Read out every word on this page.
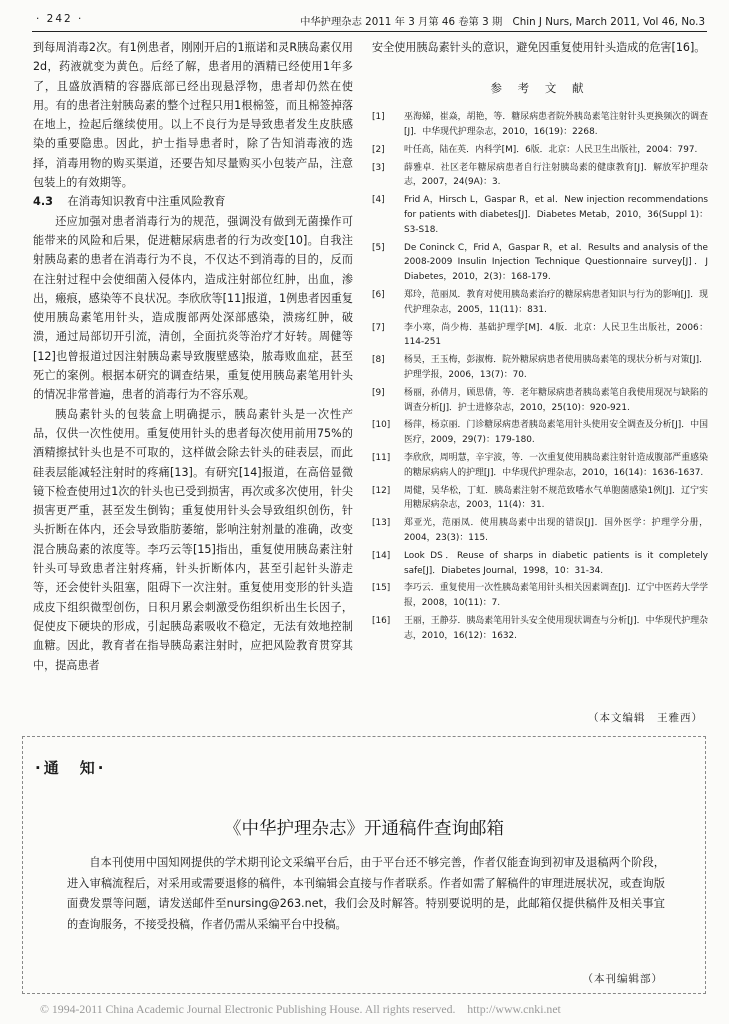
· 242 ·	中华护理杂志 2011 年 3 月第 46 卷第 3 期　Chin J Nurs, March 2011, Vol 46, No.3

到每周消毒2次。有1例患者，刚刚开启的1瓶诺和灵R胰岛素仅用2d，药液就变为黄色。后经了解，患者用的酒精已经使用1年多了，且盛放酒精的容器底部已经出现悬浮物，患者却仍然在使用。有的患者注射胰岛素的整个过程只用1根棉签，而且棉签掉落在地上，捡起后继续使用。以上不良行为是导致患者发生皮肤感染的重要隐患。因此，护士指导患者时，除了告知消毒液的选择，消毒用物的购买渠道，还要告知尽量购买小包装产品，注意包装上的有效期等。

4.3 在消毒知识教育中注重风险教育

还应加强对患者消毒行为的规范，强调没有做到无菌操作可能带来的风险和后果，促进糖尿病患者的行为改变[10]。自我注射胰岛素的患者在消毒行为不良，不仅达不到消毒的目的，反而在注射过程中会使细菌入侵体内，造成注射部位红肿，出血，渗出，瘢痕，感染等不良状况。李欣欣等[11]报道，1例患者因重复使用胰岛素笔用针头，造成腹部两处深部感染，溃疡红肿，破溃，通过局部切开引流，清创，全面抗炎等治疗才好转。周健等[12]也曾报道过因注射胰岛素导致腹壁感染，脓毒败血症，甚至死亡的案例。根据本研究的调查结果，重复使用胰岛素笔用针头的情况非常普遍，患者的消毒行为不容乐观。

胰岛素针头的包装盒上明确提示，胰岛素针头是一次性产品，仅供一次性使用。重复使用针头的患者每次使用前用75%的酒精擦拭针头也是不可取的，这样做会除去针头的硅表层，而此硅表层能减轻注射时的疼痛[13]。有研究[14]报道，在高倍显微镜下检查使用过1次的针头也已受到损害，再次或多次使用，针尖损害更严重，甚至发生倒钩；重复使用针头会导致组织创伤，针头折断在体内，还会导致脂肪萎缩，影响注射剂量的准确，改变混合胰岛素的浓度等。李巧云等[15]指出，重复使用胰岛素注射针头可导致患者注射疼痛，针头折断体内，甚至引起针头游走等，还会使针头阻塞，阻碍下一次注射。重复使用变形的针头造成皮下组织微型创伤，日积月累会刺激受伤组织析出生长因子，促使皮下硬块的形成，引起胰岛素吸收不稳定，无法有效地控制血糖。因此，教育者在指导胰岛素注射时，应把风险教育贯穿其中，提高患者

安全使用胰岛素针头的意识，避免因重复使用针头造成的危害[16]。

参 考 文 献
[1]	巫海娣，崔焱，胡艳，等．糖尿病患者院外胰岛素笔注射针头更换频次的调查[J]．中华现代护理杂志，2010，16(19)：2268.
[2]	叶任高，陆在英．内科学[M]．6版．北京：人民卫生出版社，2004：797.
[3]	薛雅卓．社区老年糖尿病患者自行注射胰岛素的健康教育[J]．解放军护理杂志，2007，24(9A)：3.
[4]	Frid A，Hirsch L，Gaspar R，et al．New injection recommendations for patients with diabetes[J]．Diabetes Metab，2010，36(Suppl 1)：S3-S18.
[5]	De Coninck C，Frid A，Gaspar R，et al．Results and analysis of the 2008-2009 Insulin Injection Technique Questionnaire survey[J]．J Diabetes，2010，2(3)：168-179.
[6]	郑玲，范丽凤．教育对使用胰岛素治疗的糖尿病患者知识与行为的影响[J]．现代护理杂志，2005，11(11)：831.
[7]	李小寒，尚少梅．基础护理学[M]．4版．北京：人民卫生出版社，2006：114-251
[8]	杨昊，王玉梅，彭淑梅．院外糖尿病患者使用胰岛素笔的现状分析与对策[J]．护理学报，2006，13(7)：70.
[9]	杨丽，孙倩月，顾思倩，等．老年糖尿病患者胰岛素笔自我使用现况与缺陷的调查分析[J]．护士进修杂志，2010，25(10)：920-921.
[10]	杨萍，杨京丽．门诊糖尿病患者胰岛素笔用针头使用安全调查及分析[J]．中国医疗，2009，29(7)：179-180.
[11]	李欣欣，周明慧，辛宇波，等．一次重复使用胰岛素注射针造成腹部严重感染的糖尿病病人的护理[J]．中华现代护理杂志，2010，16(14)：1636-1637.
[12]	周健，吴华松，丁虹．胰岛素注射不规范致嗜水气单胞菌感染1例[J]．辽宁实用糖尿病杂志，2003，11(4)：31.
[13]	郑亚光，范丽凤．使用胰岛素中出现的错误[J]．国外医学：护理学分册，2004，23(3)：115.
[14]	Look DS．Reuse of sharps in diabetic patients is it completely safe[J]．Diabetes Journal，1998，10：31-34.
[15]	李巧云．重复使用一次性胰岛素笔用针头相关因素调查[J]．辽宁中医药大学学报，2008，10(11)：7.
[16]	王丽，王静芬．胰岛素笔用针头安全使用现状调查与分析[J]．中华现代护理杂志，2010，16(12)：1632.
（本文编辑　王雅西）
·通　知·
《中华护理杂志》开通稿件查询邮箱

自本刊使用中国知网提供的学术期刊论文采编平台后，由于平台还不够完善，作者仅能查询到初审及退稿两个阶段，进入审稿流程后，对采用或需要退修的稿件，本刊编辑会直接与作者联系。作者如需了解稿件的审理进展状况，或查询版面费发票等问题，请发送邮件至nursing@263.net，我们会及时解答。特别要说明的是，此邮箱仅提供稿件及相关事宜的查询服务，不接受投稿，作者仍需从采编平台中投稿。

（本刊编辑部）
© 1994-2011 China Academic Journal Electronic Publishing House. All rights reserved.　http://www.cnki.net
